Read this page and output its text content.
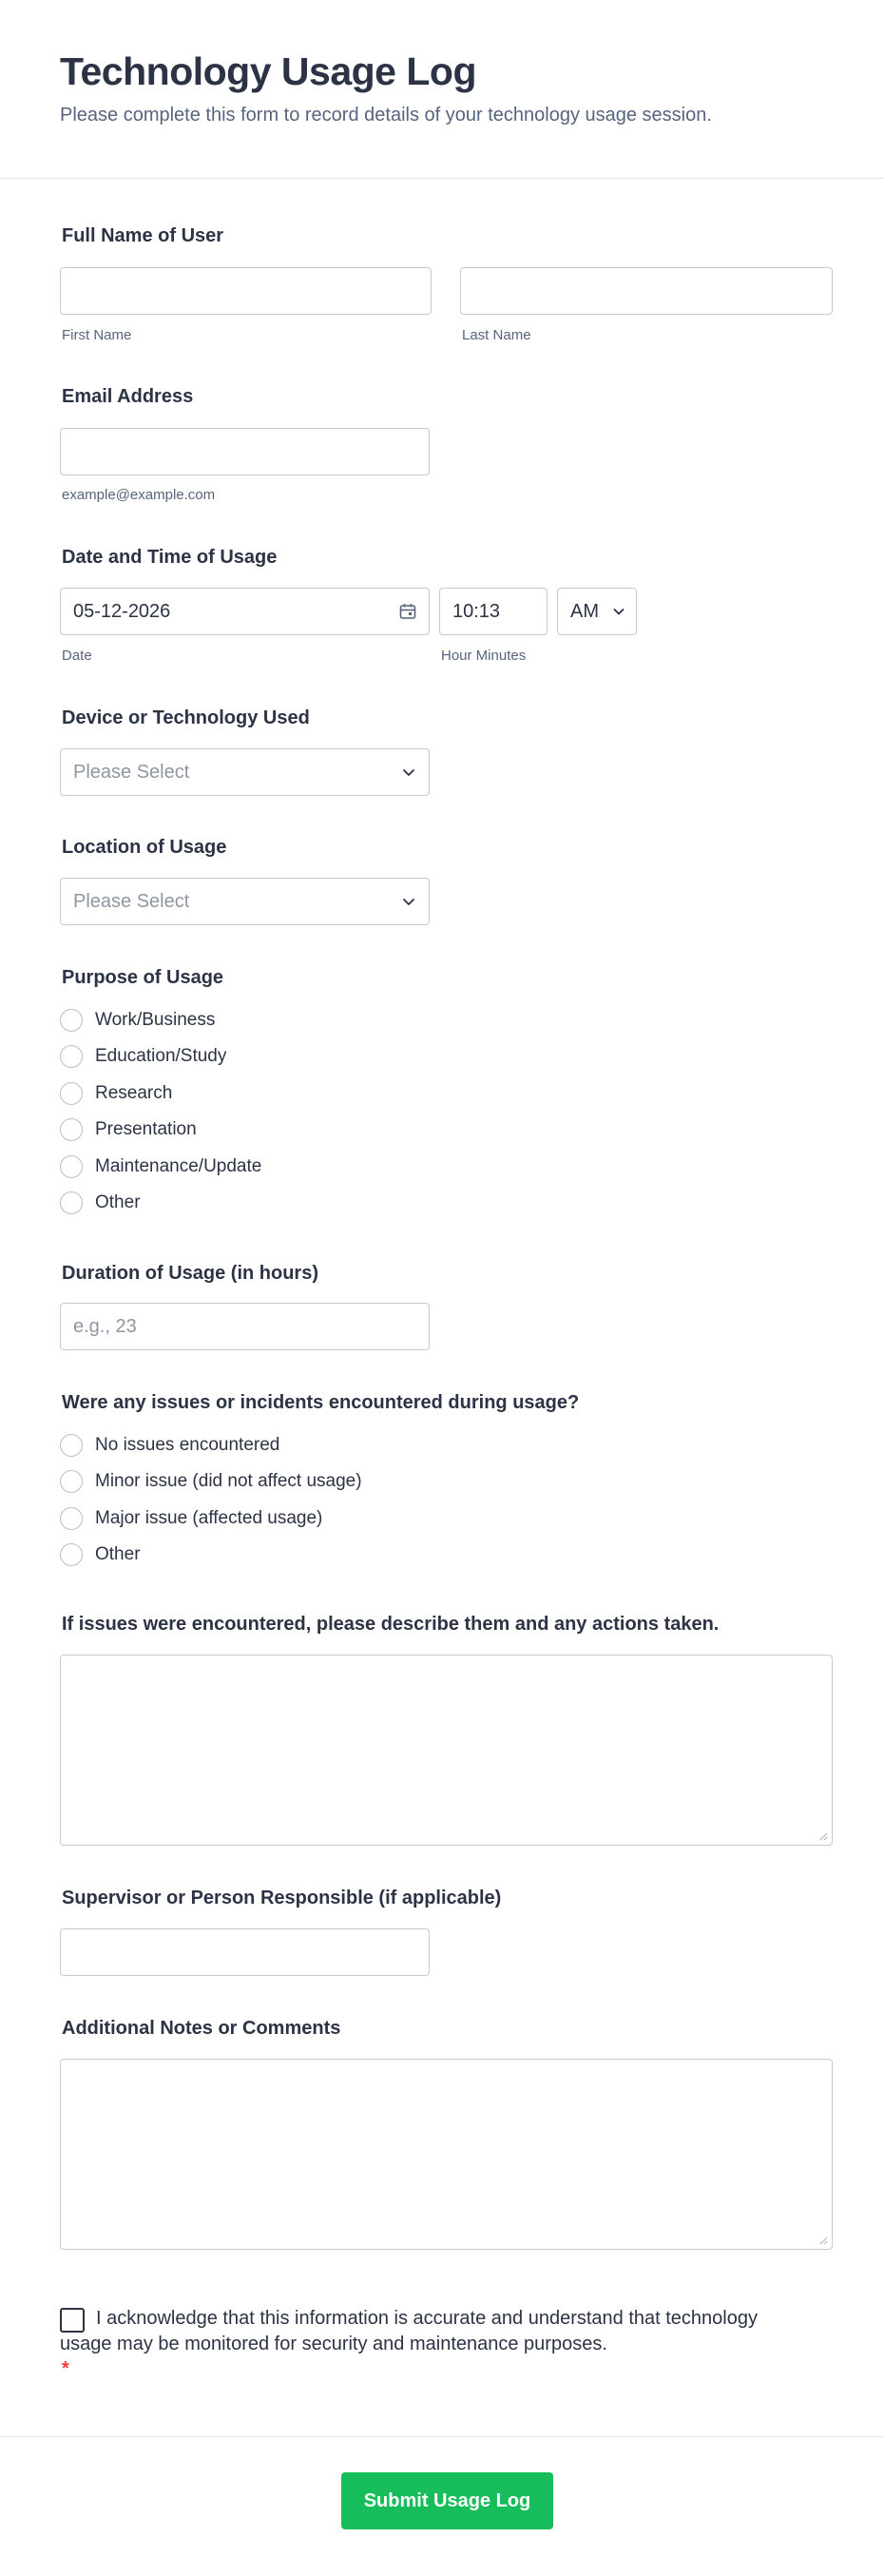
Technology Usage Log

Please complete this form to record details of your technology usage session.

Full Name of User
First Name	Last Name
Email Address
example@example.com
Date and Time of Usage
05-12-2026
10:13
AM
Date	Hour Minutes
Device or Technology Used
Please Select
Location of Usage
Please Select
Purpose of Usage
Work/Business
Education/Study
Research
Presentation
Maintenance/Update
Other
Duration of Usage (in hours)
e.g., 23
Were any issues or incidents encountered during usage?
No issues encountered
Minor issue (did not affect usage)
Major issue (affected usage)
Other
If issues were encountered, please describe them and any actions taken.
Supervisor or Person Responsible (if applicable)
Additional Notes or Comments

I acknowledge that this information is accurate and understand that technology usage may be monitored for security and maintenance purposes.

*
Submit Usage Log
